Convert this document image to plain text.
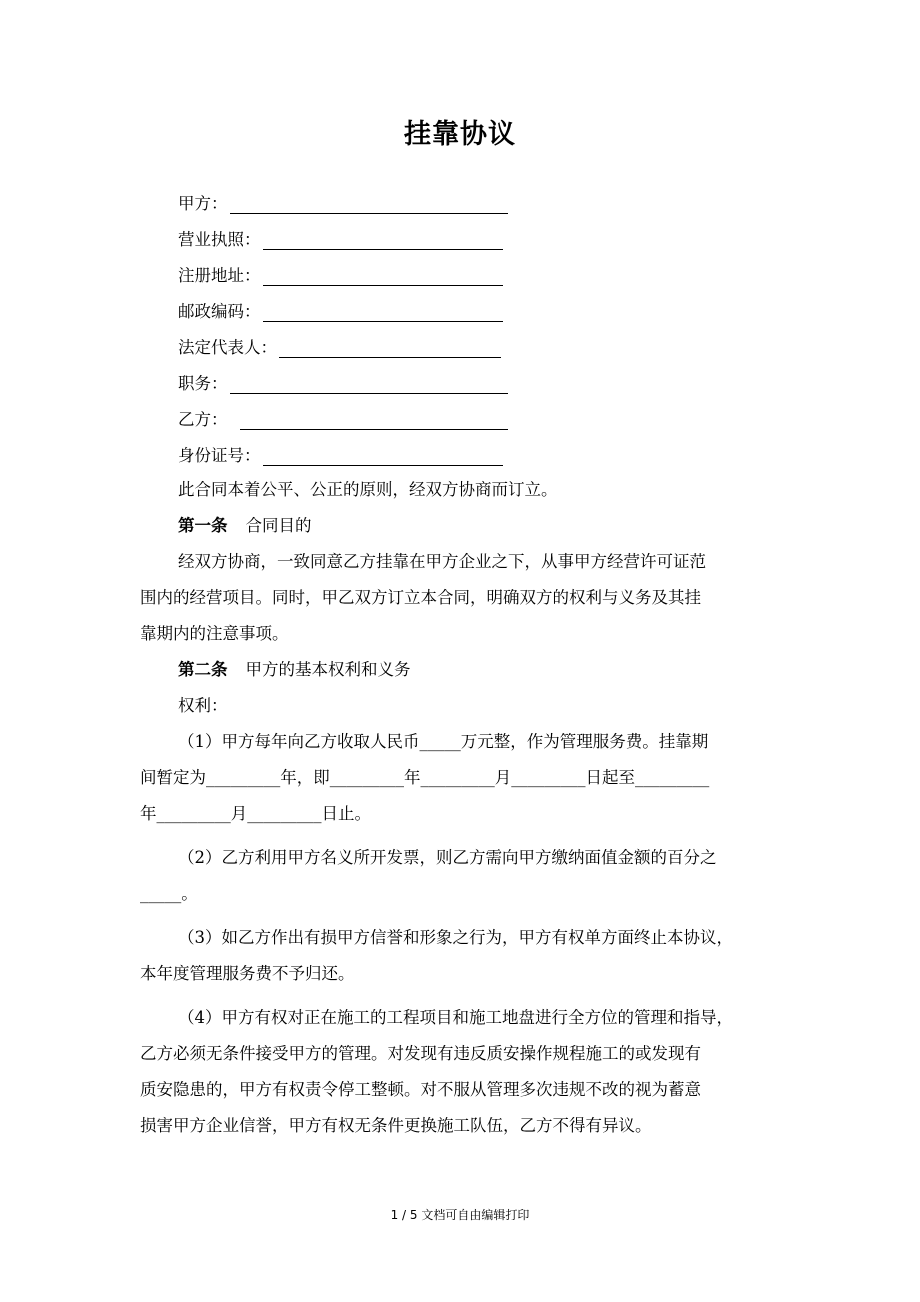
挂靠协议
甲方：
营业执照：
注册地址：
邮政编码：
法定代表人：
职务：
乙方：
身份证号：
此合同本着公平、公正的原则，经双方协商而订立。
第一条 合同目的
经双方协商，一致同意乙方挂靠在甲方企业之下，从事甲方经营许可证范
围内的经营项目。同时，甲乙双方订立本合同，明确双方的权利与义务及其挂
靠期内的注意事项。
第二条 甲方的基本权利和义务
权利：
（1）甲方每年向乙方收取人民币_____万元整，作为管理服务费。挂靠期
间暂定为_________年，即_________年_________月_________日起至_________
年_________月_________日止。
（2）乙方利用甲方名义所开发票，则乙方需向甲方缴纳面值金额的百分之
_____。
（3）如乙方作出有损甲方信誉和形象之行为，甲方有权单方面终止本协议，
本年度管理服务费不予归还。
（4）甲方有权对正在施工的工程项目和施工地盘进行全方位的管理和指导，
乙方必须无条件接受甲方的管理。对发现有违反质安操作规程施工的或发现有
质安隐患的，甲方有权责令停工整顿。对不服从管理多次违规不改的视为蓄意
损害甲方企业信誉，甲方有权无条件更换施工队伍，乙方不得有异议。
1 / 5 文档可自由编辑打印
